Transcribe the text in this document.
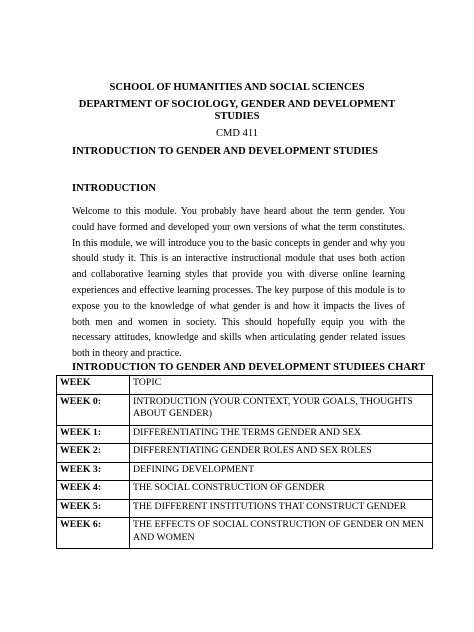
SCHOOL OF HUMANITIES AND SOCIAL SCIENCES
DEPARTMENT OF SOCIOLOGY, GENDER AND DEVELOPMENT
STUDIES
CMD 411
INTRODUCTION TO GENDER AND DEVELOPMENT STUDIES
INTRODUCTION
Welcome to this module. You probably have heard about the term gender. You could have formed and developed your own versions of what the term constitutes. In this module, we will introduce you to the basic concepts in gender and why you should study it. This is an interactive instructional module that uses both action and collaborative learning styles that provide you with diverse online learning experiences and effective learning processes. The key purpose of this module is to expose you to the knowledge of what gender is and how it impacts the lives of both men and women in society. This should hopefully equip you with the necessary attitudes, knowledge and skills when articulating gender related issues both in theory and practice.
INTRODUCTION TO GENDER AND DEVELOPMENT STUDIEES CHART
WEEK	TOPIC
WEEK 0:	INTRODUCTION (YOUR CONTEXT, YOUR GOALS, THOUGHTS ABOUT GENDER)
WEEK 1:	DIFFERENTIATING THE TERMS GENDER AND SEX
WEEK 2:	DIFFERENTIATING GENDER ROLES AND SEX ROLES
WEEK 3:	DEFINING DEVELOPMENT
WEEK 4:	THE SOCIAL CONSTRUCTION OF GENDER
WEEK 5:	THE DIFFERENT INSTITUTIONS THAT CONSTRUCT GENDER
WEEK 6:	THE EFFECTS OF SOCIAL CONSTRUCTION OF GENDER ON MEN AND WOMEN
